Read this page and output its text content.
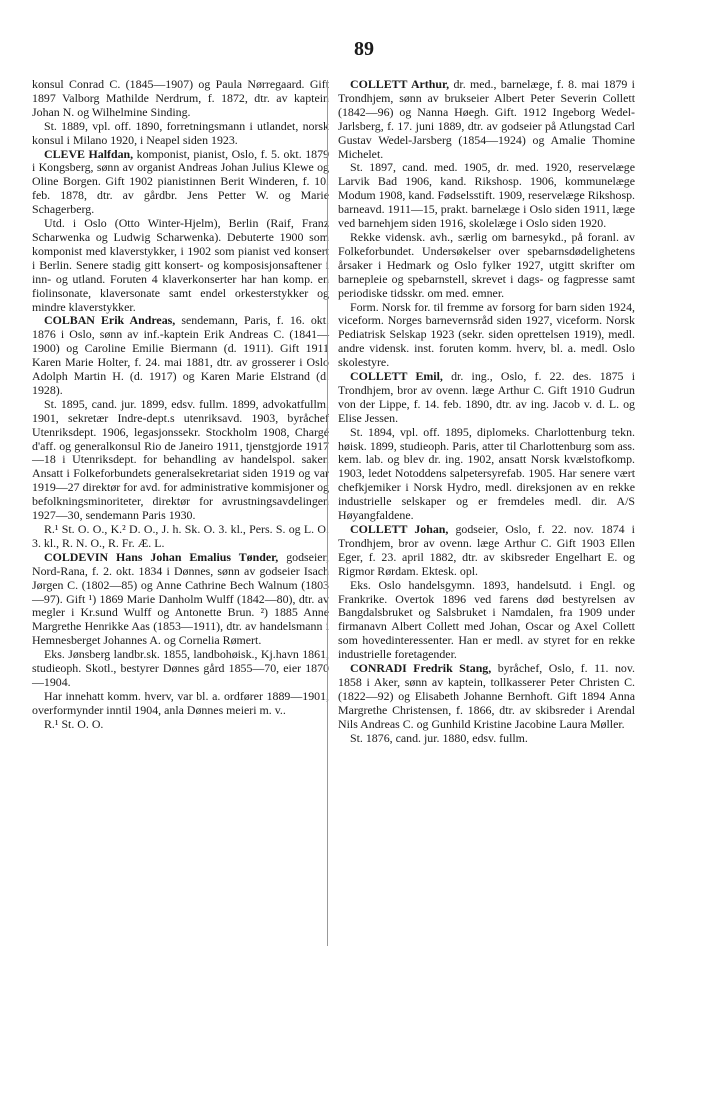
89

konsul Conrad C. (1845—1907) og Paula Nørregaard. Gift 1897 Valborg Mathilde Nerdrum, f. 1872, dtr. av kaptein Johan N. og Wilhelmine Sinding.

St. 1889, vpl. off. 1890, forretningsmann i utlandet, norsk konsul i Milano 1920, i Neapel siden 1923.

CLEVE Halfdan, komponist, pianist, Oslo, f. 5. okt. 1879 i Kongsberg, sønn av organist Andreas Johan Julius Klewe og Oline Borgen. Gift 1902 pianistinnen Berit Winderen, f. 10. feb. 1878, dtr. av gårdbr. Jens Petter W. og Marie Schagerberg.

Utd. i Oslo (Otto Winter-Hjelm), Berlin (Raif, Franz Scharwenka og Ludwig Scharwenka). Debuterte 1900 som komponist med klaverstykker, i 1902 som pianist ved konsert i Berlin. Senere stadig gitt konsert- og komposisjonsaftener i inn- og utland. Foruten 4 klaverkonserter har han komp. en fiolinsonate, klaversonate samt endel orkesterstykker og mindre klaverstykker.

COLBAN Erik Andreas, sendemann, Paris, f. 16. okt. 1876 i Oslo, sønn av inf.-kaptein Erik Andreas C. (1841—1900) og Caroline Emilie Biermann (d. 1911). Gift 1911 Karen Marie Holter, f. 24. mai 1881, dtr. av grosserer i Oslo Adolph Martin H. (d. 1917) og Karen Marie Elstrand (d. 1928).

St. 1895, cand. jur. 1899, edsv. fullm. 1899, advokatfullm. 1901, sekretær Indre-dept.s utenriksavd. 1903, byråchef Utenriksdept. 1906, legasjonssekr. Stockholm 1908, Chargé d'aff. og generalkonsul Rio de Janeiro 1911, tjenstgjorde 1917—18 i Utenriksdept. for behandling av handelspol. saker. Ansatt i Folkeforbundets generalsekretariat siden 1919 og var 1919—27 direktør for avd. for administrative kommisjoner og befolkningsminoriteter, direktør for avrustningsavdelingen 1927—30, sendemann Paris 1930.

R.¹ St. O. O., K.² D. O., J. h. Sk. O. 3. kl., Pers. S. og L. O. 3. kl., R. N. O., R. Fr. Æ. L.

COLDEVIN Hans Johan Emalius Tønder, godseier, Nord-Rana, f. 2. okt. 1834 i Dønnes, sønn av godseier Isach Jørgen C. (1802—85) og Anne Cathrine Bech Walnum (1803—97). Gift ¹) 1869 Marie Danholm Wulff (1842—80), dtr. av megler i Kr.sund Wulff og Antonette Brun. ²) 1885 Anne Margrethe Henrikke Aas (1853—1911), dtr. av handelsmann i Hemnesberget Johannes A. og Cornelia Rømert.

Eks. Jønsberg landbr.sk. 1855, landbohøisk., Kj.havn 1861, studieoph. Skotl., bestyrer Dønnes gård 1855—70, eier 1870—1904.

Har innehatt komm. hverv, var bl. a. ordfører 1889—1901, overformynder inntil 1904, anla Dønnes meieri m. v..

R.¹ St. O. O.

COLLETT Arthur, dr. med., barnelæge, f. 8. mai 1879 i Trondhjem, sønn av brukseier Albert Peter Severin Collett (1842—96) og Nanna Høegh. Gift. 1912 Ingeborg Wedel-Jarlsberg, f. 17. juni 1889, dtr. av godseier på Atlungstad Carl Gustav Wedel-Jarsberg (1854—1924) og Amalie Thomine Michelet.

St. 1897, cand. med. 1905, dr. med. 1920, reservelæge Larvik Bad 1906, kand. Rikshosp. 1906, kommunelæge Modum 1908, kand. Fødselsstift. 1909, reservelæge Rikshosp. barneavd. 1911—15, prakt. barnelæge i Oslo siden 1911, læge ved barnehjem siden 1916, skolelæge i Oslo siden 1920.

Rekke vidensk. avh., særlig om barnesykd., på foranl. av Folkeforbundet. Undersøkelser over spebarnsdødelighetens årsaker i Hedmark og Oslo fylker 1927, utgitt skrifter om barnepleie og spebarnstell, skrevet i dags- og fagpresse samt periodiske tidsskr. om med. emner.

Form. Norsk for. til fremme av forsorg for barn siden 1924, viceform. Norges barnevernsråd siden 1927, viceform. Norsk Pediatrisk Selskap 1923 (sekr. siden oprettelsen 1919), medl. andre vidensk. inst. foruten komm. hverv, bl. a. medl. Oslo skolestyre.

COLLETT Emil, dr. ing., Oslo, f. 22. des. 1875 i Trondhjem, bror av ovenn. læge Arthur C. Gift 1910 Gudrun von der Lippe, f. 14. feb. 1890, dtr. av ing. Jacob v. d. L. og Elise Jessen.

St. 1894, vpl. off. 1895, diplomeks. Charlottenburg tekn. høisk. 1899, studieoph. Paris, atter til Charlottenburg som ass. kem. lab. og blev dr. ing. 1902, ansatt Norsk kvælstofkomp. 1903, ledet Notoddens salpetersyrefab. 1905. Har senere vært chefkjemiker i Norsk Hydro, medl. direksjonen av en rekke industrielle selskaper og er fremdeles medl. dir. A/S Høyangfaldene.

COLLETT Johan, godseier, Oslo, f. 22. nov. 1874 i Trondhjem, bror av ovenn. læge Arthur C. Gift 1903 Ellen Eger, f. 23. april 1882, dtr. av skibsreder Engelhart E. og Rigmor Rørdam. Ektesk. opl.

Eks. Oslo handelsgymn. 1893, handelsutd. i Engl. og Frankrike. Overtok 1896 ved farens død bestyrelsen av Bangdalsbruket og Salsbruket i Namdalen, fra 1909 under firmanavn Albert Collett med Johan, Oscar og Axel Collett som hovedinteressenter. Han er medl. av styret for en rekke industrielle foretagender.

CONRADI Fredrik Stang, byråchef, Oslo, f. 11. nov. 1858 i Aker, sønn av kaptein, tollkasserer Peter Christen C. (1822—92) og Elisabeth Johanne Bernhoft. Gift 1894 Anna Margrethe Christensen, f. 1866, dtr. av skibsreder i Arendal Nils Andreas C. og Gunhild Kristine Jacobine Laura Møller.

St. 1876, cand. jur. 1880, edsv. fullm.
